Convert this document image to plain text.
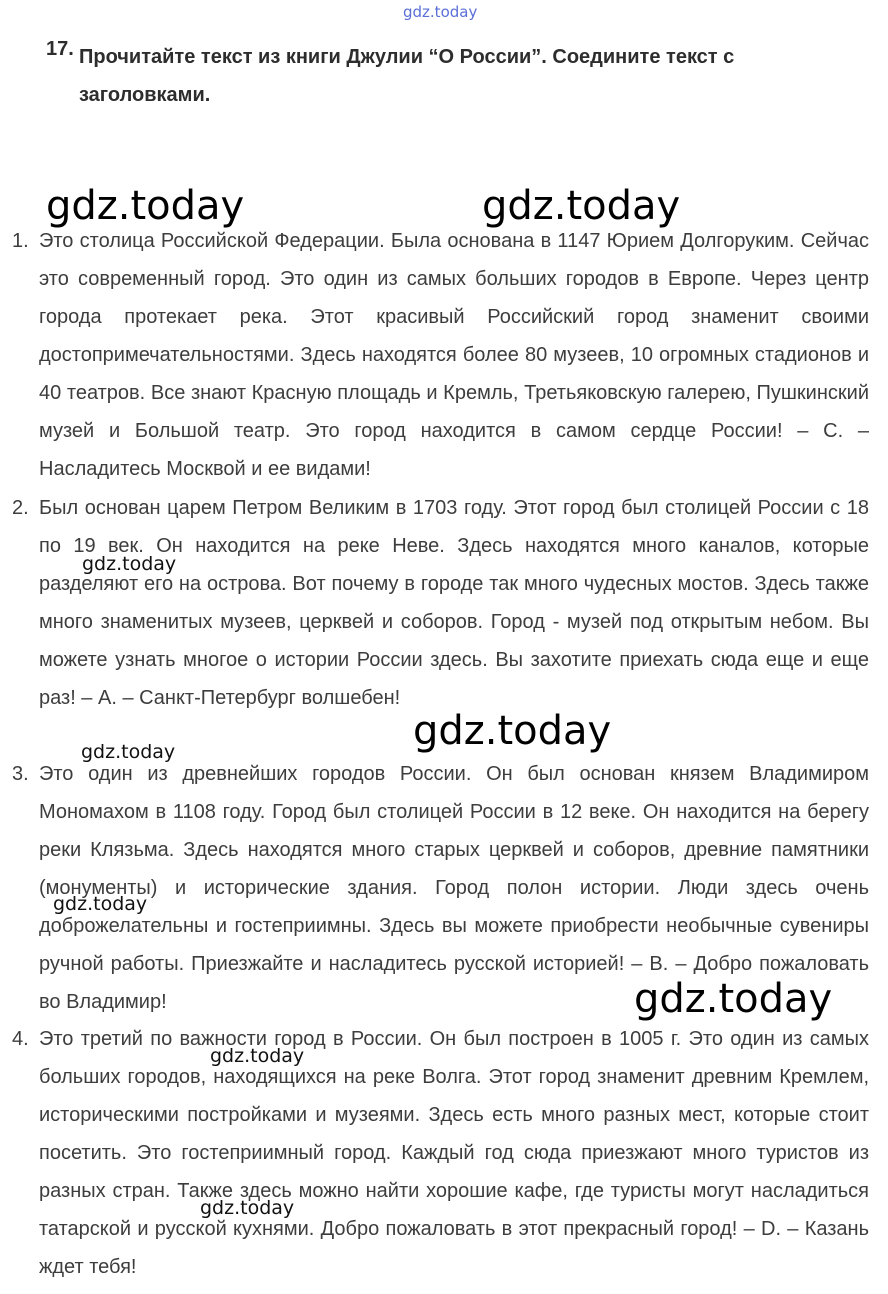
gdz.today
17. Прочитайте текст из книги Джулии “О России”. Соедините текст с заголовками.
gdz.today	gdz.today
1. Это столица Российской Федерации. Была основана в 1147 Юрием Долгоруким. Сейчас это современный город. Это один из самых больших городов в Европе. Через центр города протекает река. Этот красивый Российский город знаменит своими достопримечательностями. Здесь находятся более 80 музеев, 10 огромных стадионов и 40 театров. Все знают Красную площадь и Кремль, Третьяковскую галерею, Пушкинский музей и Большой театр. Это город находится в самом сердце России! – C. – Насладитесь Москвой и ее видами!
2. Был основан царем Петром Великим в 1703 году. Этот город был столицей России с 18 по 19 век. Он находится на реке Неве. Здесь находятся много каналов, которые разделяют его на острова. Вот почему в городе так много чудесных мостов. Здесь также много знаменитых музеев, церквей и соборов. Город - музей под открытым небом. Вы можете узнать многое о истории России здесь. Вы захотите приехать сюда еще и еще раз! – A. – Санкт-Петербург волшебен!
3. Это один из древнейших городов России. Он был основан князем Владимиром Мономахом в 1108 году. Город был столицей России в 12 веке. Он находится на берегу реки Клязьма. Здесь находятся много старых церквей и соборов, древние памятники (монументы) и исторические здания. Город полон истории. Люди здесь очень доброжелательны и гостеприимны. Здесь вы можете приобрести необычные сувениры ручной работы. Приезжайте и насладитесь русской историей! – B. – Добро пожаловать во Владимир!
4. Это третий по важности город в России. Он был построен в 1005 г. Это один из самых больших городов, находящихся на реке Волга. Этот город знаменит древним Кремлем, историческими постройками и музеями. Здесь есть много разных мест, которые стоит посетить. Это гостеприимный город. Каждый год сюда приезжают много туристов из разных стран. Также здесь можно найти хорошие кафе, где туристы могут насладиться татарской и русской кухнями. Добро пожаловать в этот прекрасный город! – D. – Казань ждет тебя!
gdz.today
gdz.today
gdz.today
gdz.today
gdz.today
gdz.today
gdz.today
